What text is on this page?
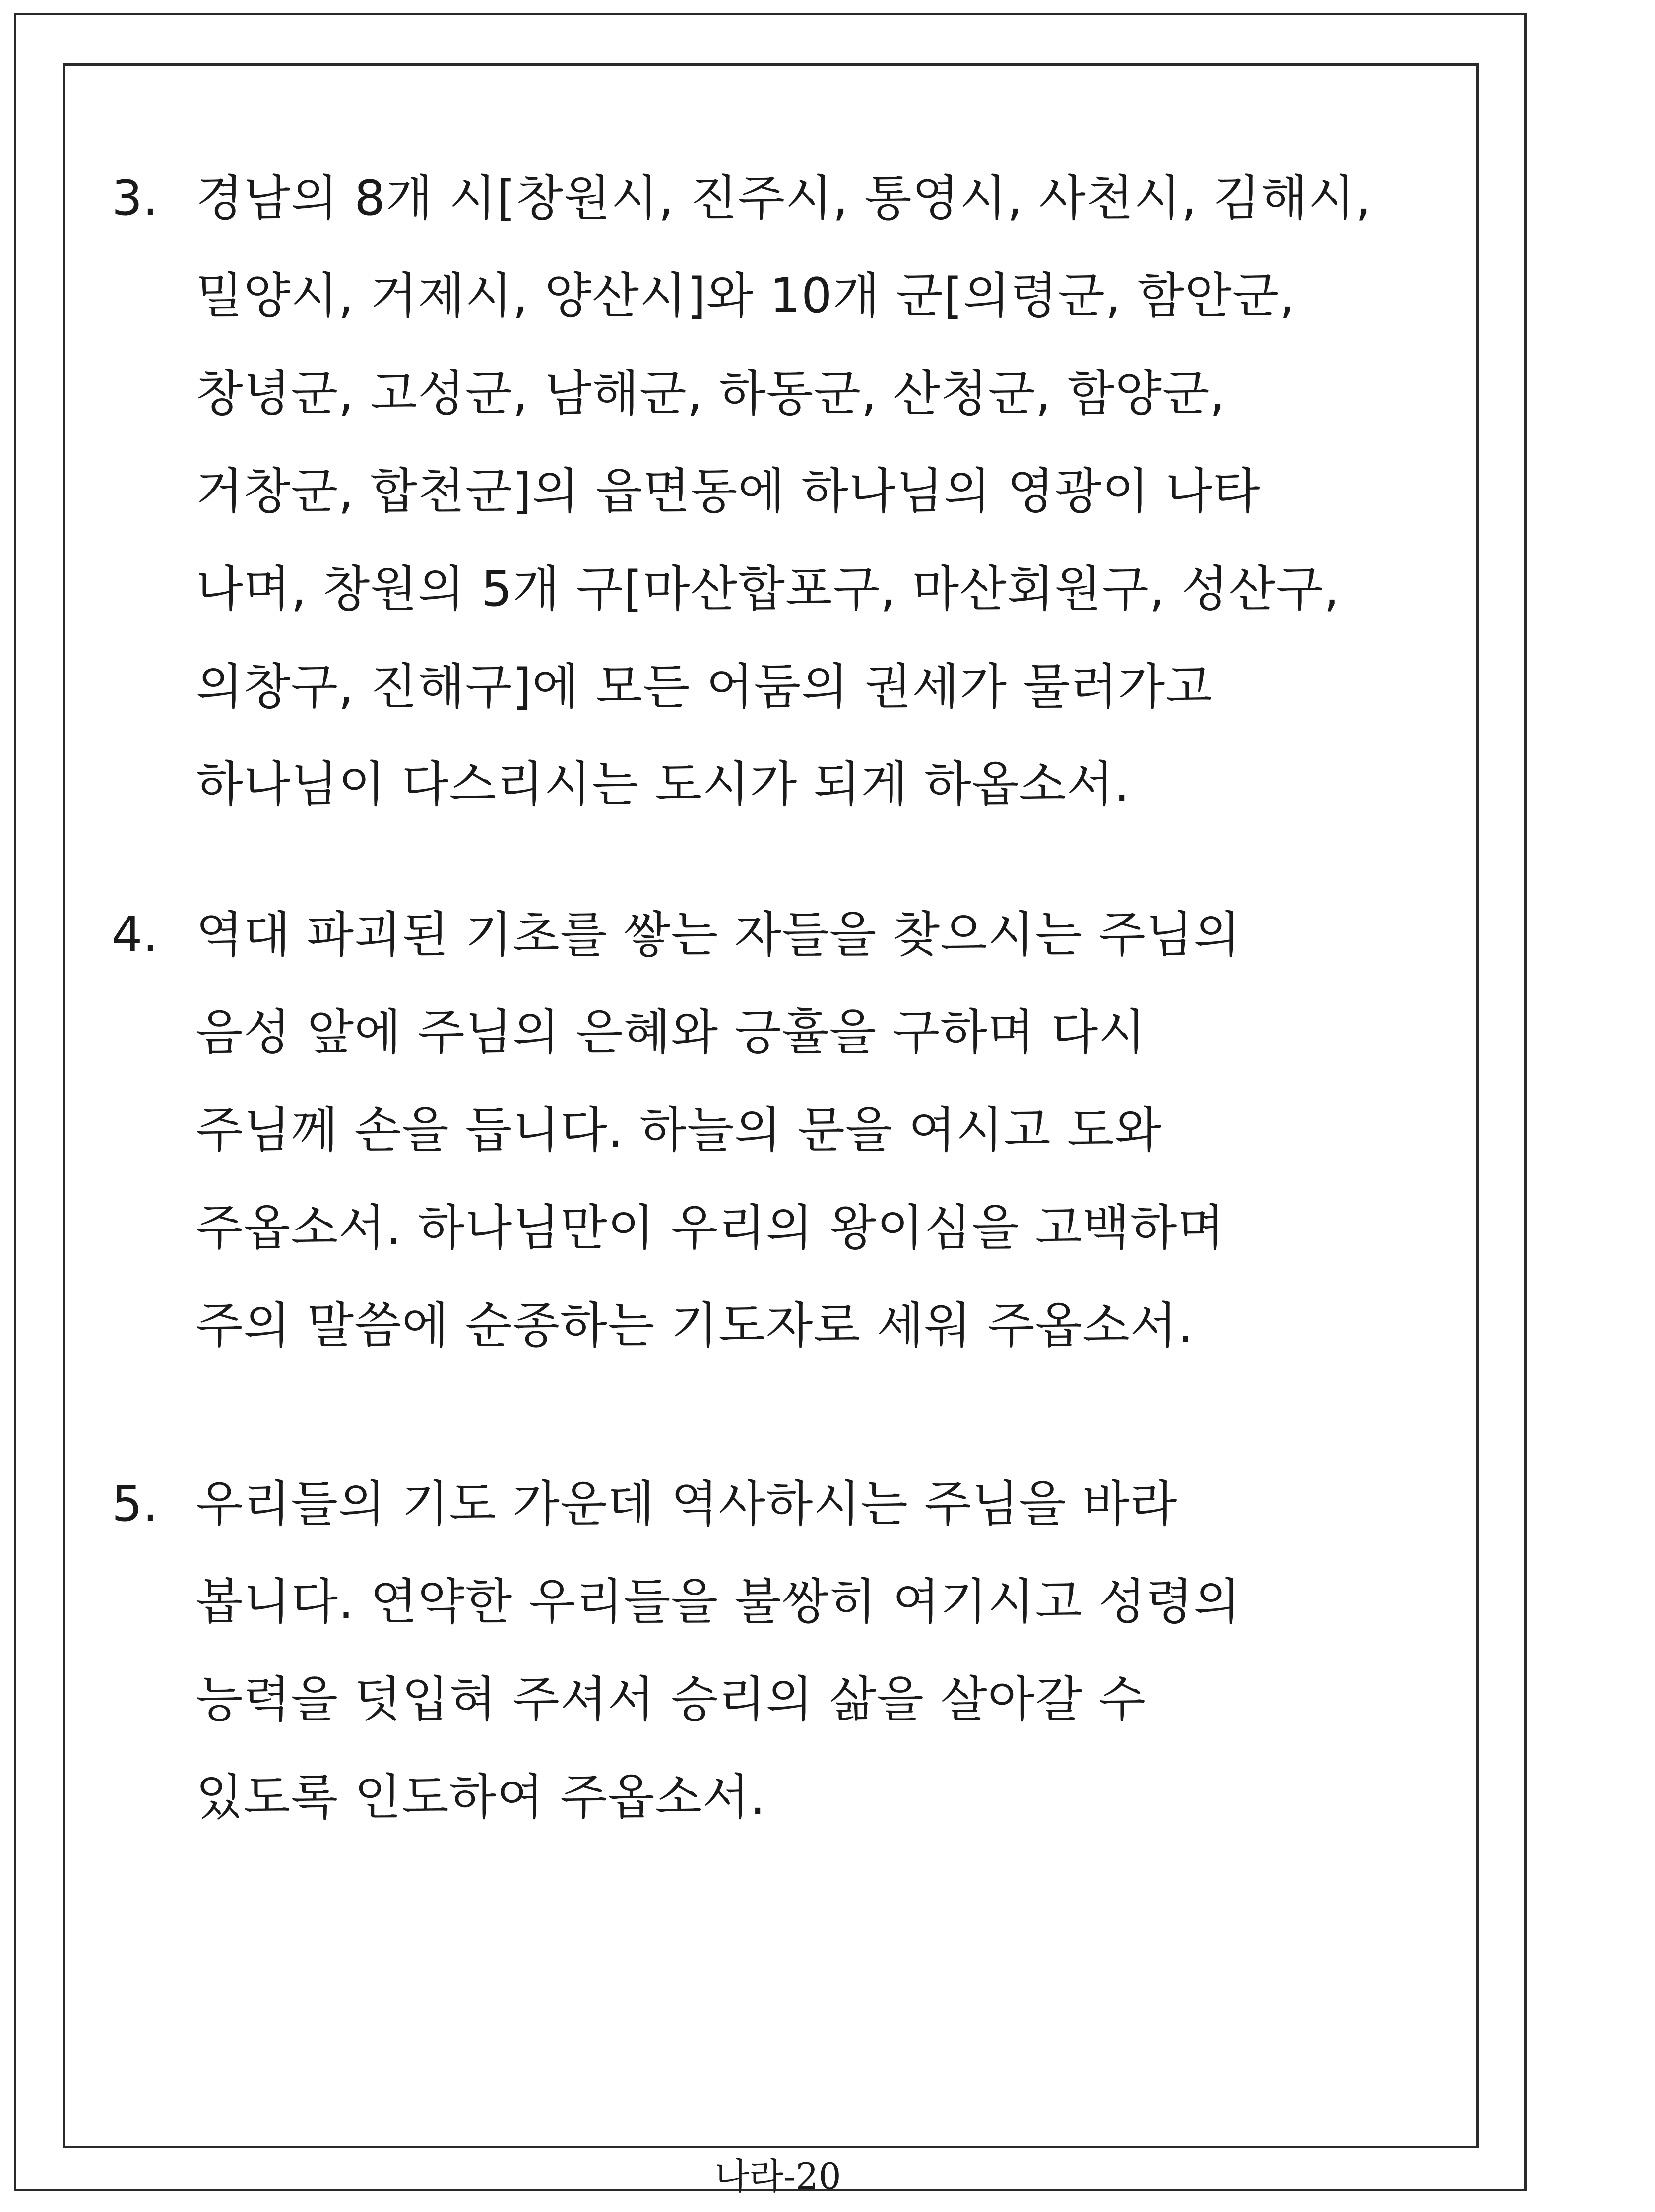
3. 경남의 8개 시[창원시, 진주시, 통영시, 사천시, 김해시,
밀양시, 거제시, 양산시]와 10개 군[의령군, 함안군,
창녕군, 고성군, 남해군, 하동군, 산청군, 함양군,
거창군, 합천군]의 읍면동에 하나님의 영광이 나타
나며, 창원의 5개 구[마산합포구, 마산회원구, 성산구,
의창구, 진해구]에 모든 어둠의 권세가 물러가고
하나님이 다스리시는 도시가 되게 하옵소서.
4. 역대 파괴된 기초를 쌓는 자들을 찾으시는 주님의
음성 앞에 주님의 은혜와 긍휼을 구하며 다시
주님께 손을 듭니다. 하늘의 문을 여시고 도와
주옵소서. 하나님만이 우리의 왕이심을 고백하며
주의 말씀에 순종하는 기도자로 세워 주옵소서.
5. 우리들의 기도 가운데 역사하시는 주님을 바라
봅니다. 연약한 우리들을 불쌍히 여기시고 성령의
능력을 덧입혀 주셔서 승리의 삶을 살아갈 수
있도록 인도하여 주옵소서.
나라-20
